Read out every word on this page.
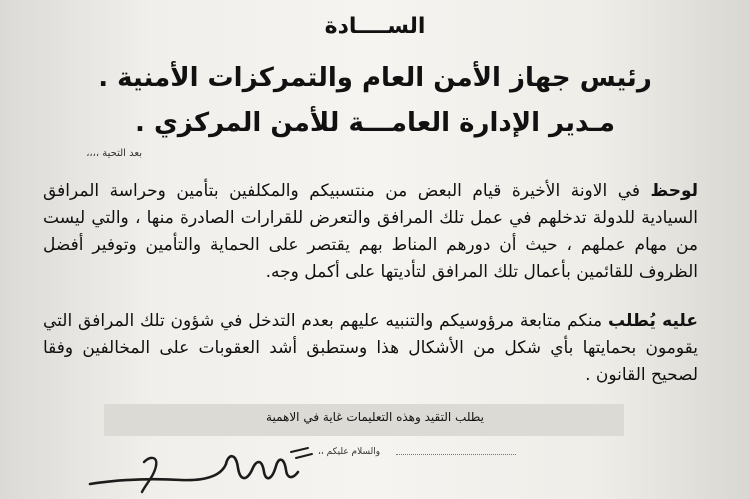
الســــادة
رئيس جهاز الأمن العام والتمركزات الأمنية .
مـدير الإدارة العامـــة للأمن المركزي .
بعد التحية ،،،،
لوحظ في الاونة الأخيرة قيام البعض من منتسبيكم والمكلفين بتأمين وحراسة المرافق السيادية للدولة تدخلهم في عمل تلك المرافق والتعرض للقرارات الصادرة منها ، والتي ليست من مهام عملهم ، حيث أن دورهم المناط بهم يقتصر على الحماية والتأمين وتوفير أفضل الظروف للقائمين بأعمال تلك المرافق لتأديتها على أكمل وجه.
عليه يُطلب منكم متابعة مرؤوسيكم والتنبيه عليهم بعدم التدخل في شؤون تلك المرافق التي يقومون بحمايتها بأي شكل من الأشكال هذا وستطبق أشد العقوبات على المخالفين وفقا لصحيح القانون .
يطلب التقيد وهذه التعليمات غاية في الاهمية
والسلام عليكم ،،
